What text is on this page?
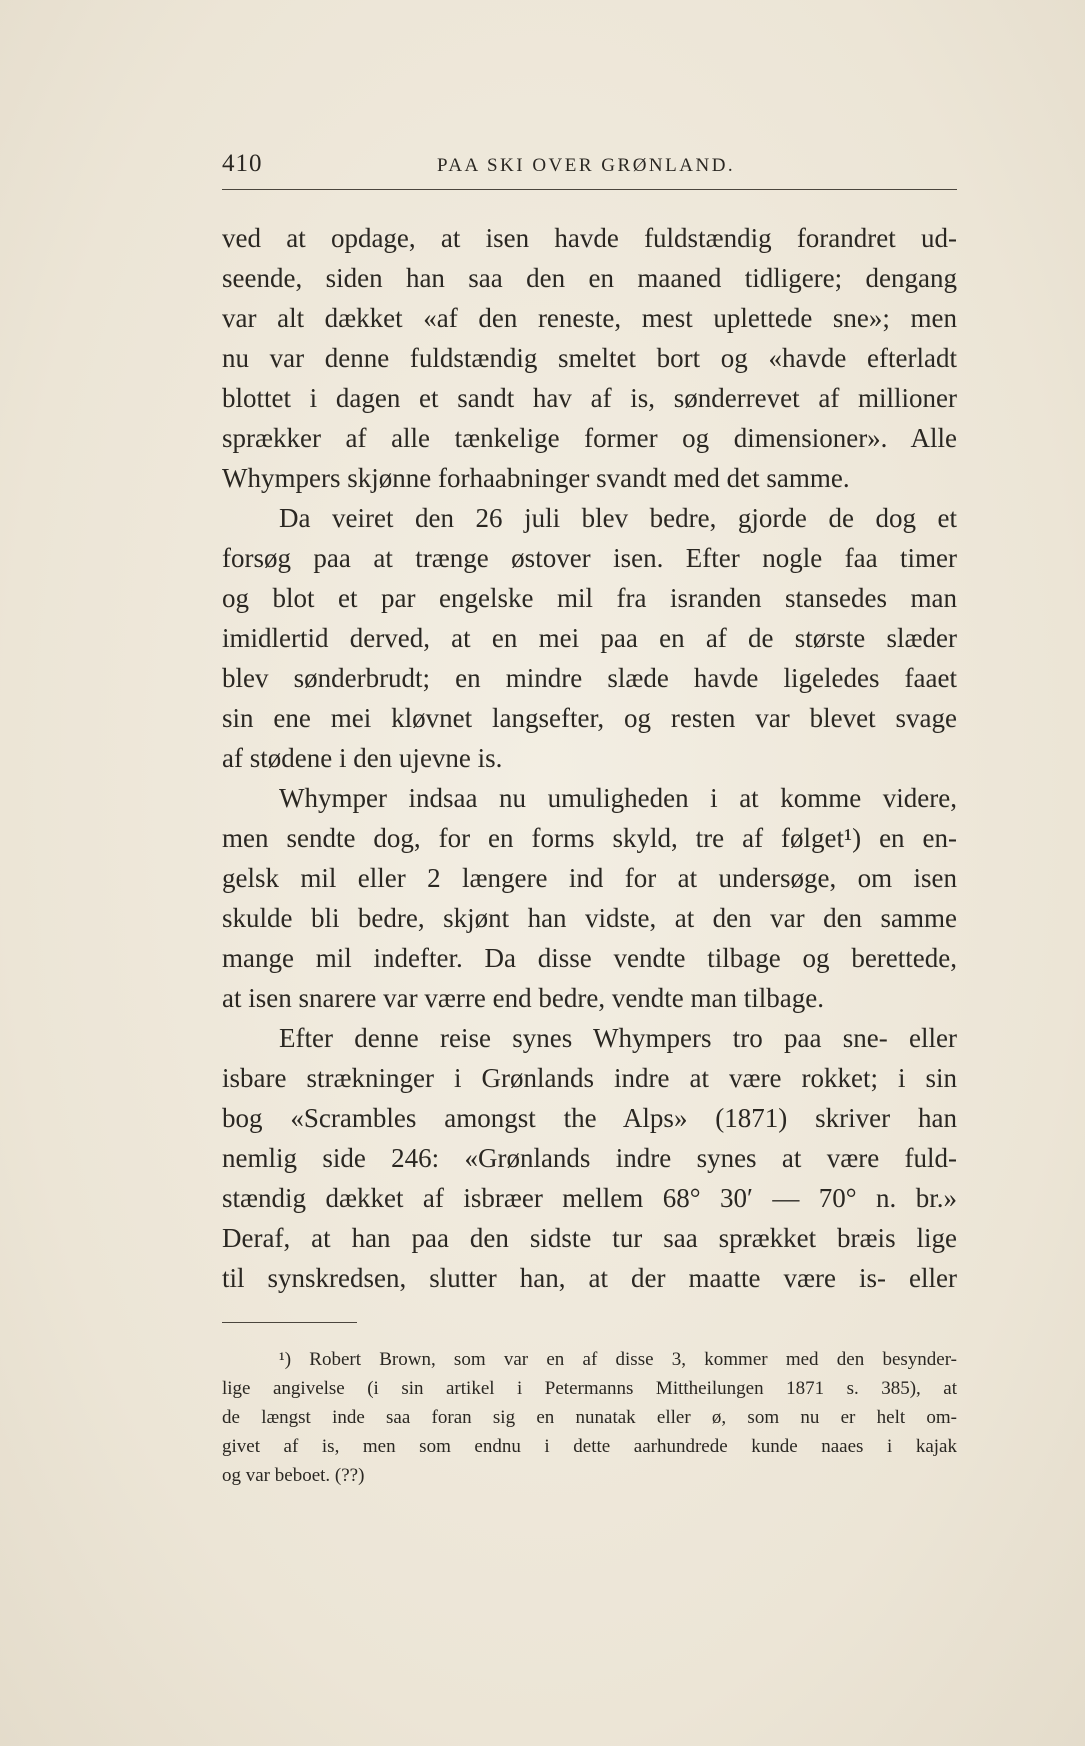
410	PAA SKI OVER GRØNLAND.
ved at opdage, at isen havde fuldstændig forandret ud-
seende, siden han saa den en maaned tidligere; dengang
var alt dækket «af den reneste, mest uplettede sne»; men
nu var denne fuldstændig smeltet bort og «havde efterladt
blottet i dagen et sandt hav af is, sønderrevet af millioner
sprækker af alle tænkelige former og dimensioner». Alle
Whympers skjønne forhaabninger svandt med det samme.
Da veiret den 26 juli blev bedre, gjorde de dog et
forsøg paa at trænge østover isen. Efter nogle faa timer
og blot et par engelske mil fra isranden stansedes man
imidlertid derved, at en mei paa en af de største slæder
blev sønderbrudt; en mindre slæde havde ligeledes faaet
sin ene mei kløvnet langsefter, og resten var blevet svage
af stødene i den ujevne is.
Whymper indsaa nu umuligheden i at komme videre,
men sendte dog, for en forms skyld, tre af følget¹) en en-
gelsk mil eller 2 længere ind for at undersøge, om isen
skulde bli bedre, skjønt han vidste, at den var den samme
mange mil indefter. Da disse vendte tilbage og berettede,
at isen snarere var værre end bedre, vendte man tilbage.
Efter denne reise synes Whympers tro paa sne- eller
isbare strækninger i Grønlands indre at være rokket; i sin
bog «Scrambles amongst the Alps» (1871) skriver han
nemlig side 246: «Grønlands indre synes at være fuld-
stændig dækket af isbræer mellem 68° 30′ — 70° n. br.»
Deraf, at han paa den sidste tur saa sprækket bræis lige
til synskredsen, slutter han, at der maatte være is- eller
¹) Robert Brown, som var en af disse 3, kommer med den besynder-
lige angivelse (i sin artikel i Petermanns Mittheilungen 1871 s. 385), at
de længst inde saa foran sig en nunatak eller ø, som nu er helt om-
givet af is, men som endnu i dette aarhundrede kunde naaes i kajak
og var beboet. (??)
